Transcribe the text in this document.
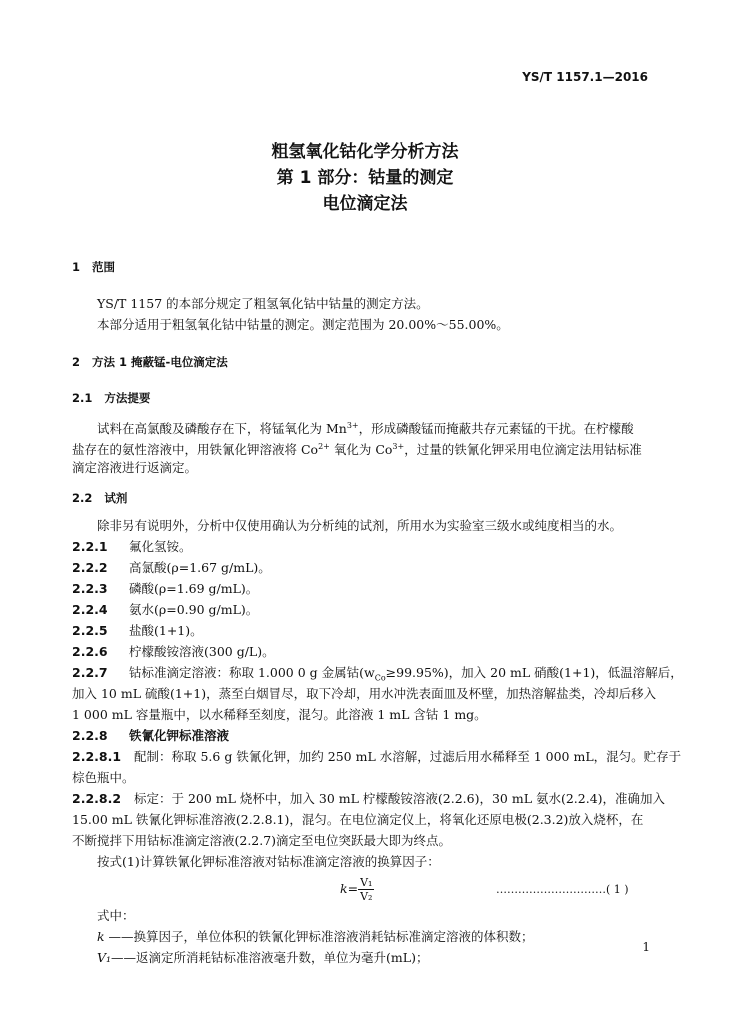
YS/T 1157.1—2016
粗氢氧化钴化学分析方法
第 1 部分：钴量的测定
电位滴定法
1 范围
YS/T 1157 的本部分规定了粗氢氧化钴中钴量的测定方法。
本部分适用于粗氢氧化钴中钴量的测定。测定范围为 20.00%～55.00%。
2 方法 1 掩蔽锰-电位滴定法
2.1 方法提要
试料在高氯酸及磷酸存在下，将锰氧化为 $Mn^{3+}$，形成磷酸锰而掩蔽共存元素锰的干扰。在柠檬酸
盐存在的氨性溶液中，用铁氰化钾溶液将 $Co^{2+}$ 氧化为 $Co^{3+}$，过量的铁氰化钾采用电位滴定法用钴标准
滴定溶液进行返滴定。
2.2 试剂
除非另有说明外，分析中仅使用确认为分析纯的试剂，所用水为实验室三级水或纯度相当的水。
2.2.1 氟化氢铵。
2.2.2 高氯酸(ρ=1.67 g/mL)。
2.2.3 磷酸(ρ=1.69 g/mL)。
2.2.4 氨水(ρ=0.90 g/mL)。
2.2.5 盐酸(1+1)。
2.2.6 柠檬酸铵溶液(300 g/L)。
2.2.7 钴标准滴定溶液：称取 1.000 0 g 金属钴$(w_{Co}\ge 99.95\%)$，加入 20 mL 硝酸(1+1)，低温溶解后，
加入 10 mL 硫酸(1+1)，蒸至白烟冒尽，取下冷却，用水冲洗表面皿及杯壁，加热溶解盐类，冷却后移入
1 000 mL 容量瓶中，以水稀释至刻度，混匀。此溶液 1 mL 含钴 1 mg。
2.2.8 铁氰化钾标准溶液
2.2.8.1 配制：称取 5.6 g 铁氰化钾，加约 250 mL 水溶解，过滤后用水稀释至 1 000 mL，混匀。贮存于
棕色瓶中。
2.2.8.2 标定：于 200 mL 烧杯中，加入 30 mL 柠檬酸铵溶液(2.2.6)，30 mL 氨水(2.2.4)，准确加入
15.00 mL 铁氰化钾标准溶液(2.2.8.1)，混匀。在电位滴定仪上，将氧化还原电极(2.3.2)放入烧杯，在
不断搅拌下用钴标准滴定溶液(2.2.7)滴定至电位突跃最大即为终点。
按式(1)计算铁氰化钾标准溶液对钴标准滴定溶液的换算因子：
$k= \frac{\text{V₁}}{\text{V₂}}$	…………………………( 1 )
式中：
k ——换算因子，单位体积的铁氰化钾标准溶液消耗钴标准滴定溶液的体积数；
V₁——返滴定所消耗钴标准溶液毫升数，单位为毫升(mL)；
1
